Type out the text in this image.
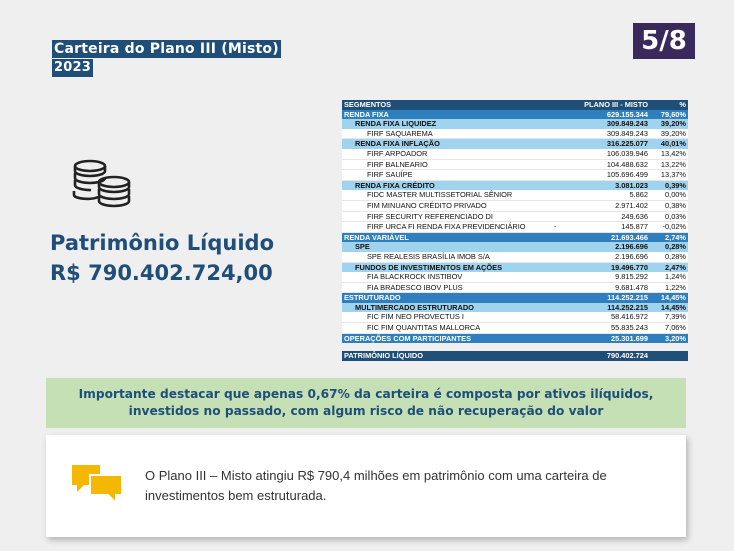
Carteira do Plano III (Misto)
2023
5/8
Patrimônio Líquido
R$ 790.402.724,00
SEGMENTOS		PLANO III - MISTO	%
RENDA FIXA		629.155.344	79,60%
RENDA FIXA LIQUIDEZ		309.849.243	39,20%
FIRF SAQUAREMA		309.849.243	39,20%
RENDA FIXA INFLAÇÃO		316.225.077	40,01%
FIRF ARPOADOR		106.039.946	13,42%
FIRF BALNEARIO		104.488.632	13,22%
FIRF SAUÍPE		105.696.499	13,37%
RENDA FIXA CRÉDITO		3.081.023	0,39%
FIDC MASTER MULTISSETORIAL SÊNIOR		5.862	0,00%
FIM MINUANO CRÉDITO PRIVADO		2.971.402	0,38%
FIRF SECURITY REFERENCIADO DI		249.636	0,03%
FIRF URCA FI RENDA FIXA PREVIDENCIÁRIO	-	145.877	-0,02%
RENDA VARIÁVEL		21.693.466	2,74%
SPE		2.196.696	0,28%
SPE REALESIS BRASÍLIA IMOB S/A		2.196.696	0,28%
FUNDOS DE INVESTIMENTOS EM AÇÕES		19.496.770	2,47%
FIA BLACKROCK INSTIBOV		9.815.292	1,24%
FIA BRADESCO IBOV PLUS		9.681.478	1,22%
ESTRUTURADO		114.252.215	14,45%
MULTIMERCADO ESTRUTURADO		114.252.215	14,45%
FIC FIM NEO PROVECTUS I		58.416.972	7,39%
FIC FIM QUANTITAS MALLORCA		55.835.243	7,06%
OPERAÇÕES COM PARTICIPANTES		25.301.699	3,20%

PATRIMÔNIO LÍQUIDO		790.402.724	
Importante destacar que apenas 0,67% da carteira é composta por ativos ilíquidos, investidos no passado, com algum risco de não recuperação do valor
O Plano III – Misto atingiu R$ 790,4 milhões em patrimônio com uma carteira de investimentos bem estruturada.
